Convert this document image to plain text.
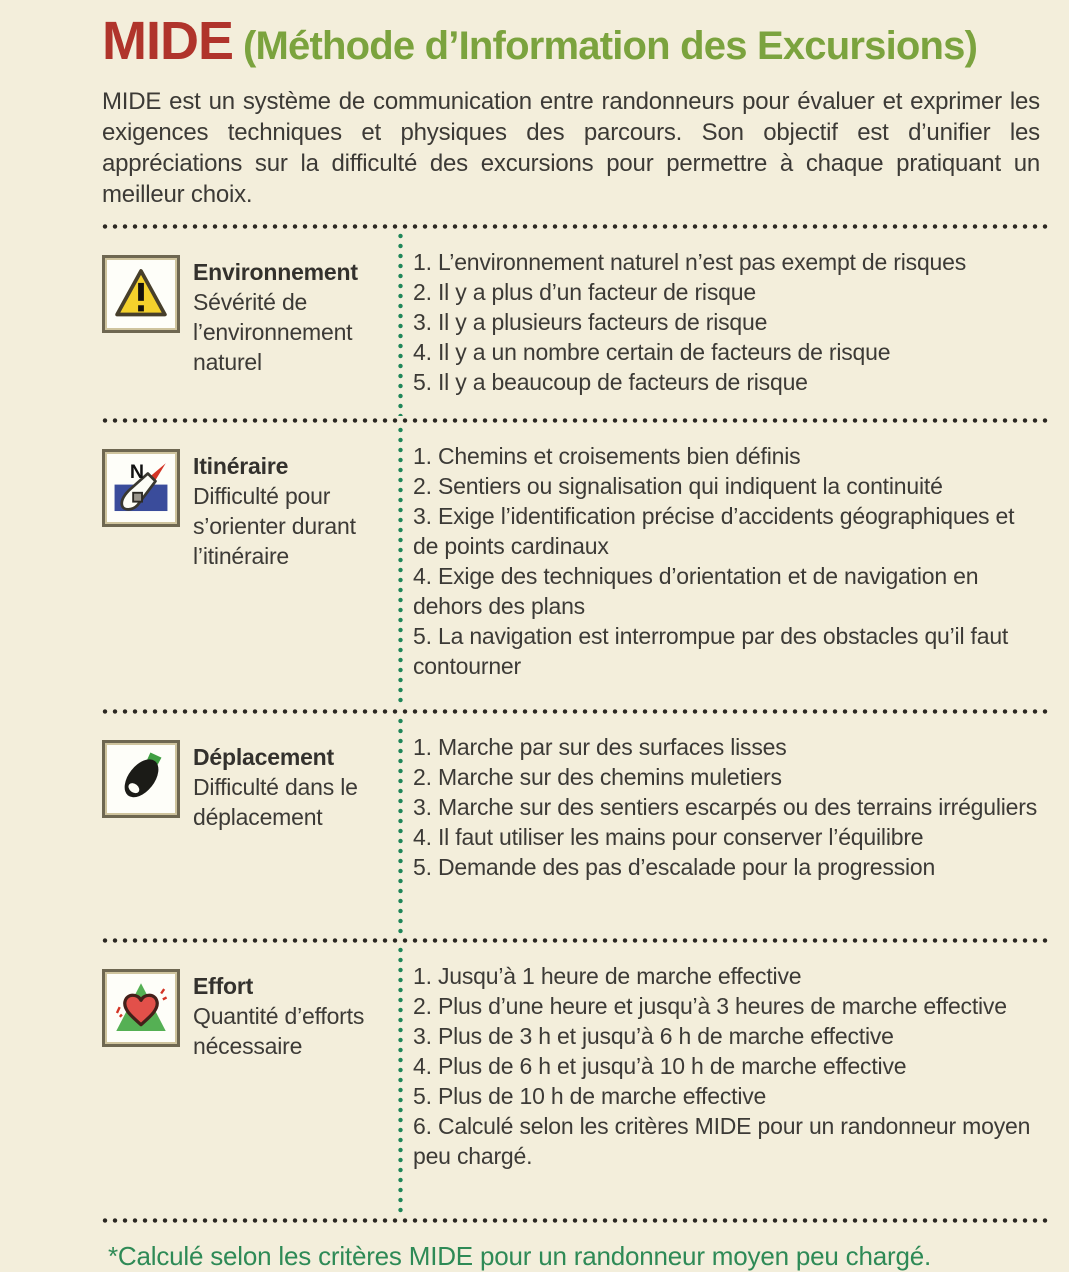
MIDE (Méthode d’Information des Excursions)

MIDE est un système de communication entre randonneurs pour évaluer et exprimer les exigences techniques et physiques des parcours. Son objectif est d’unifier les appréciations sur la difficulté des excursions pour permettre à chaque pratiquant un meilleur choix.

Environnement
Sévérité de l’environnement naturel
1. L’environnement naturel n’est pas exempt de risques
2. Il y a plus d’un facteur de risque
3. Il y a plusieurs facteurs de risque
4. Il y a un nombre certain de facteurs de risque
5. Il y a beaucoup de facteurs de risque
N Itinéraire
Difficulté pour s’orienter durant l’itinéraire
1. Chemins et croisements bien définis
2. Sentiers ou signalisation qui indiquent la continuité
3. Exige l’identification précise d’accidents géographiques et de points cardinaux
4. Exige des techniques d’orientation et de navigation en dehors des plans
5. La navigation est interrompue par des obstacles qu’il faut contourner
Déplacement
Difficulté dans le déplacement
1. Marche par sur des surfaces lisses
2. Marche sur des chemins muletiers
3. Marche sur des sentiers escarpés ou des terrains irréguliers
4. Il faut utiliser les mains pour conserver l’équilibre
5. Demande des pas d’escalade pour la progression
Effort
Quantité d’efforts nécessaire
1. Jusqu’à 1 heure de marche effective
2. Plus d’une heure et jusqu’à 3 heures de marche effective
3. Plus de 3 h et jusqu’à 6 h de marche effective
4. Plus de 6 h et jusqu’à 10 h de marche effective
5. Plus de 10 h de marche effective
6. Calculé selon les critères MIDE pour un randonneur moyen peu chargé.
*Calculé selon les critères MIDE pour un randonneur moyen peu chargé.
